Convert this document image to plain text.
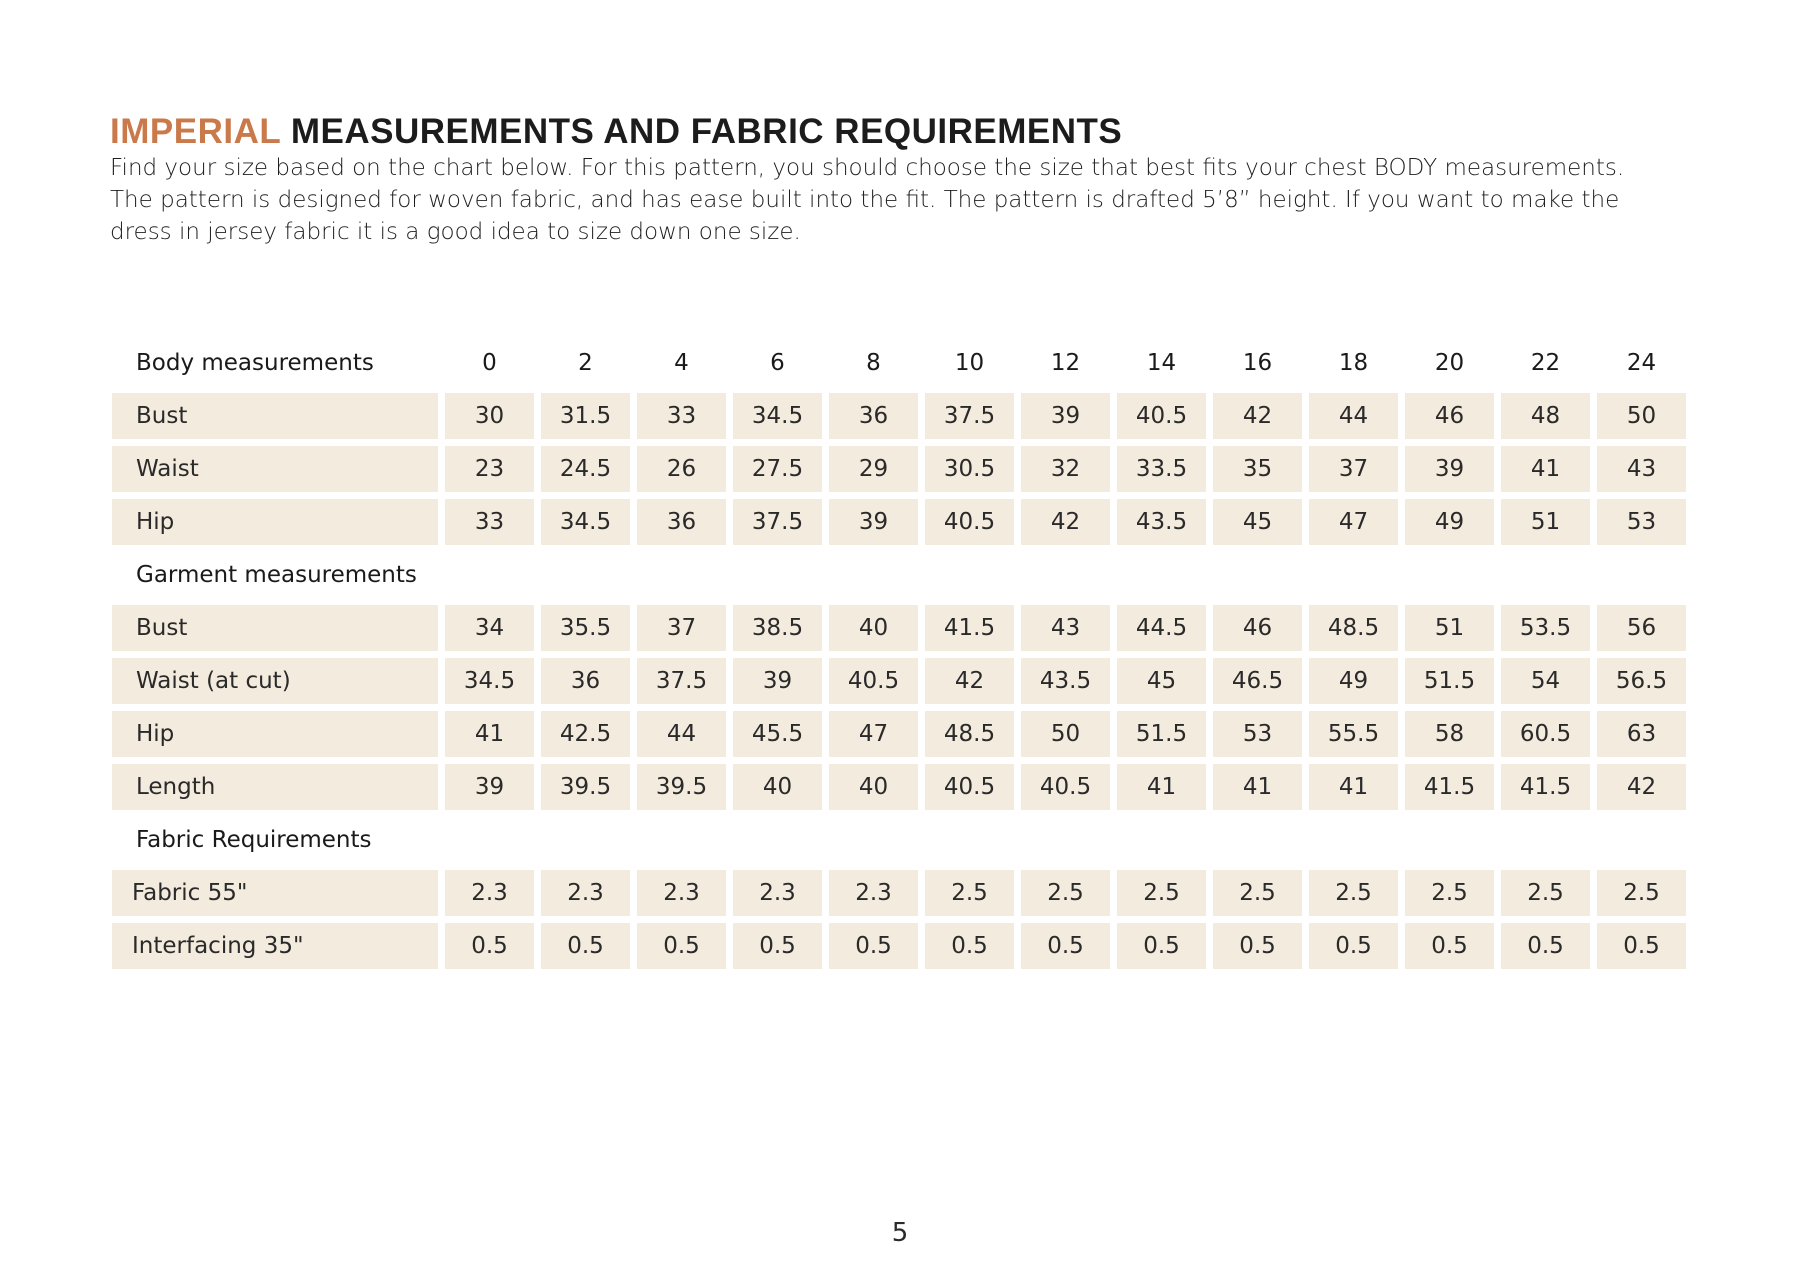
IMPERIAL MEASUREMENTS AND FABRIC REQUIREMENTS

Find your size based on the chart below. For this pattern, you should choose the size that best fits your chest BODY measurements.
The pattern is designed for woven fabric, and has ease built into the fit. The pattern is drafted 5’8” height. If you want to make the
dress in jersey fabric it is a good idea to size down one size.

Body measurements	0	2	4	6	8	10	12	14	16	18	20	22	24
Bust	30	31.5	33	34.5	36	37.5	39	40.5	42	44	46	48	50
Waist	23	24.5	26	27.5	29	30.5	32	33.5	35	37	39	41	43
Hip	33	34.5	36	37.5	39	40.5	42	43.5	45	47	49	51	53
Garment measurements													
Bust	34	35.5	37	38.5	40	41.5	43	44.5	46	48.5	51	53.5	56
Waist (at cut)	34.5	36	37.5	39	40.5	42	43.5	45	46.5	49	51.5	54	56.5
Hip	41	42.5	44	45.5	47	48.5	50	51.5	53	55.5	58	60.5	63
Length	39	39.5	39.5	40	40	40.5	40.5	41	41	41	41.5	41.5	42
Fabric Requirements													
Fabric 55"	2.3	2.3	2.3	2.3	2.3	2.5	2.5	2.5	2.5	2.5	2.5	2.5	2.5
Interfacing 35"	0.5	0.5	0.5	0.5	0.5	0.5	0.5	0.5	0.5	0.5	0.5	0.5	0.5
5
